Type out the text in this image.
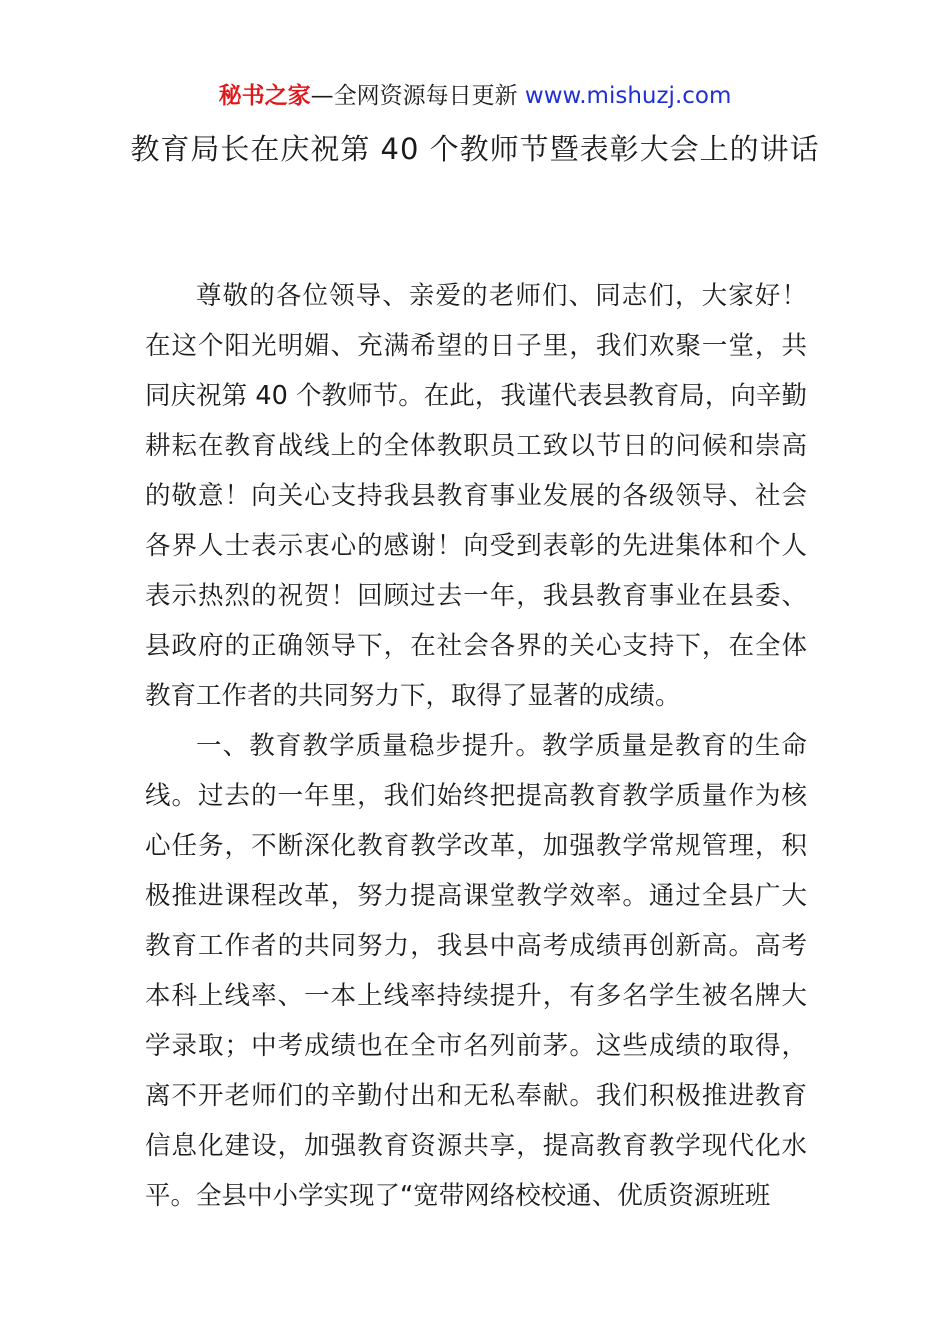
秘书之家—全网资源每日更新 www.mishuzj.com
教育局长在庆祝第 40 个教师节暨表彰大会上的讲话

尊敬的各位领导、亲爱的老师们、同志们，大家好！在这个阳光明媚、充满希望的日子里，我们欢聚一堂，共同庆祝第 40 个教师节。在此，我谨代表县教育局，向辛勤耕耘在教育战线上的全体教职员工致以节日的问候和崇高的敬意！向关心支持我县教育事业发展的各级领导、社会各界人士表示衷心的感谢！向受到表彰的先进集体和个人表示热烈的祝贺！回顾过去一年，我县教育事业在县委、县政府的正确领导下，在社会各界的关心支持下，在全体教育工作者的共同努力下，取得了显著的成绩。

一、教育教学质量稳步提升。教学质量是教育的生命线。过去的一年里，我们始终把提高教育教学质量作为核心任务，不断深化教育教学改革，加强教学常规管理，积极推进课程改革，努力提高课堂教学效率。通过全县广大教育工作者的共同努力，我县中高考成绩再创新高。高考本科上线率、一本上线率持续提升，有多名学生被名牌大学录取；中考成绩也在全市名列前茅。这些成绩的取得，离不开老师们的辛勤付出和无私奉献。我们积极推进教育信息化建设，加强教育资源共享，提高教育教学现代化水平。全县中小学实现了“宽带网络校校通、优质资源班班
